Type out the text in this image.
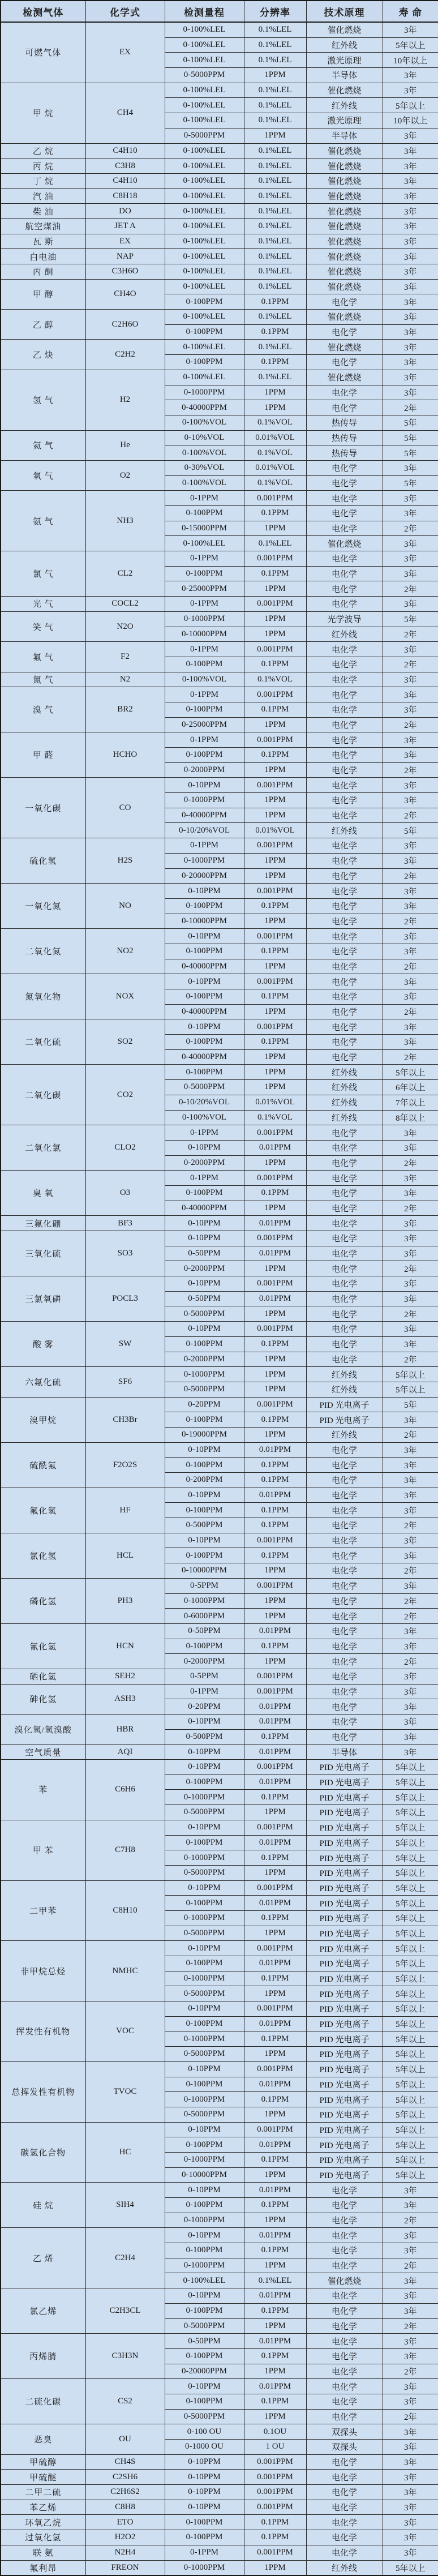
检测气体	化学式	检测量程	分辨率	技术原理	寿 命
可燃气体	EX	0-100%LEL	0.1%LEL	催化燃烧	3年
		0-100%LEL	0.1%LEL	红外线	5年以上
		0-100%LEL	0.1%LEL	激光原理	10年以上
		0-5000PPM	1PPM	半导体	3年
甲 烷	CH4	0-100%LEL	0.1%LEL	催化燃烧	3年
		0-100%LEL	0.1%LEL	红外线	5年以上
		0-100%LEL	0.1%LEL	激光原理	10年以上
		0-5000PPM	1PPM	半导体	3年
乙 烷	C4H10	0-100%LEL	0.1%LEL	催化燃烧	3年
丙 烷	C3H8	0-100%LEL	0.1%LEL	催化燃烧	3年
丁 烷	C4H10	0-100%LEL	0.1%LEL	催化燃烧	3年
汽 油	C8H18	0-100%LEL	0.1%LEL	催化燃烧	3年
柴 油	DO	0-100%LEL	0.1%LEL	催化燃烧	3年
航空煤油	JET A	0-100%LEL	0.1%LEL	催化燃烧	3年
瓦 斯	EX	0-100%LEL	0.1%LEL	催化燃烧	3年
白电油	NAP	0-100%LEL	0.1%LEL	催化燃烧	3年
丙 酮	C3H6O	0-100%LEL	0.1%LEL	催化燃烧	3年
甲 醇	CH4O	0-100%LEL	0.1%LEL	催化燃烧	3年
		0-100PPM	0.1PPM	电化学	3年
乙 醇	C2H6O	0-100%LEL	0.1%LEL	催化燃烧	3年
		0-100PPM	0.1PPM	电化学	3年
乙 炔	C2H2	0-100%LEL	0.1%LEL	催化燃烧	3年
		0-100PPM	0.1PPM	电化学	3年
氢 气	H2	0-100%LEL	0.1%LEL	催化燃烧	3年
		0-1000PPM	1PPM	电化学	3年
		0-40000PPM	1PPM	电化学	2年
		0-100%VOL	0.1%VOL	热传导	5年
氦 气	He	0-10%VOL	0.01%VOL	热传导	5年
		0-100%VOL	0.1%VOL	热传导	5年
氧 气	O2	0-30%VOL	0.01%VOL	电化学	3年
		0-100%VOL	0.1%VOL	电化学	5年
氨 气	NH3	0-1PPM	0.001PPM	电化学	3年
		0-100PPM	0.1PPM	电化学	3年
		0-15000PPM	1PPM	电化学	2年
		0-100%LEL	0.1%LEL	催化燃烧	3年
氯 气	CL2	0-1PPM	0.001PPM	电化学	3年
		0-100PPM	0.1PPM	电化学	3年
		0-25000PPM	1PPM	电化学	2年
光 气	COCL2	0-1PPM	0.001PPM	电化学	3年
笑 气	N2O	0-1000PPM	1PPM	光学波导	5年
		0-10000PPM	1PPM	红外线	2年
氟 气	F2	0-1PPM	0.001PPM	电化学	3年
		0-100PPM	0.1PPM	电化学	2年
氮 气	N2	0-100%VOL	0.1%VOL	电化学	3年
溴 气	BR2	0-1PPM	0.001PPM	电化学	3年
		0-100PPM	0.1PPM	电化学	3年
		0-25000PPM	1PPM	电化学	2年
甲 醛	HCHO	0-1PPM	0.001PPM	电化学	3年
		0-100PPM	0.1PPM	电化学	3年
		0-2000PPM	1PPM	电化学	2年
一氧化碳	CO	0-10PPM	0.001PPM	电化学	3年
		0-1000PPM	1PPM	电化学	3年
		0-40000PPM	1PPM	电化学	2年
		0-10/20%VOL	0.01%VOL	红外线	5年
硫化氢	H2S	0-1PPM	0.001PPM	电化学	3年
		0-1000PPM	1PPM	电化学	3年
		0-20000PPM	1PPM	电化学	2年
一氧化氮	NO	0-10PPM	0.001PPM	电化学	3年
		0-100PPM	0.1PPM	电化学	3年
		0-10000PPM	1PPM	电化学	2年
二氧化氮	NO2	0-10PPM	0.001PPM	电化学	3年
		0-100PPM	0.1PPM	电化学	3年
		0-40000PPM	1PPM	电化学	2年
氮氧化物	NOX	0-10PPM	0.001PPM	电化学	3年
		0-100PPM	0.1PPM	电化学	3年
		0-40000PPM	1PPM	电化学	2年
二氧化硫	SO2	0-10PPM	0.001PPM	电化学	3年
		0-100PPM	0.1PPM	电化学	3年
		0-40000PPM	1PPM	电化学	2年
二氧化碳	CO2	0-100PPM	1PPM	红外线	5年以上
		0-5000PPM	1PPM	红外线	6年以上
		0-10/20%VOL	0.01%VOL	红外线	7年以上
		0-100%VOL	0.1%VOL	红外线	8年以上
二氧化氯	CLO2	0-1PPM	0.001PPM	电化学	3年
		0-10PPM	0.01PPM	电化学	3年
		0-2000PPM	1PPM	电化学	2年
臭 氧	O3	0-1PPM	0.001PPM	电化学	3年
		0-100PPM	0.1PPM	电化学	3年
		0-40000PPM	1PPM	电化学	2年
三氟化硼	BF3	0-10PPM	0.01PPM	电化学	3年
三氧化硫	SO3	0-10PPM	0.001PPM	电化学	3年
		0-50PPM	0.01PPM	电化学	3年
		0-2000PPM	1PPM	电化学	2年
三氯氧磷	POCL3	0-10PPM	0.001PPM	电化学	3年
		0-50PPM	0.01PPM	电化学	3年
		0-5000PPM	1PPM	电化学	2年
酸 雾	SW	0-10PPM	0.001PPM	电化学	3年
		0-100PPM	0.1PPM	电化学	3年
		0-2000PPM	1PPM	电化学	2年
六氟化硫	SF6	0-1000PPM	1PPM	红外线	5年以上
		0-5000PPM	1PPM	红外线	5年以上
溴甲烷	CH3Br	0-20PPM	0.001PPM	PID 光电离子	5年
		0-100PPM	0.1PPM	PID 光电离子	3年
		0-19000PPM	1PPM	红外线	2年
硫酰氟	F2O2S	0-10PPM	0.01PPM	电化学	3年
		0-100PPM	0.1PPM	电化学	3年
		0-200PPM	0.1PPM	电化学	3年
氟化氢	HF	0-10PPM	0.01PPM	电化学	3年
		0-100PPM	0.1PPM	电化学	3年
		0-500PPM	0.1PPM	电化学	2年
氯化氢	HCL	0-10PPM	0.001PPM	电化学	3年
		0-100PPM	0.1PPM	电化学	3年
		0-10000PPM	1PPM	电化学	2年
磷化氢	PH3	0-5PPM	0.001PPM	电化学	3年
		0-1000PPM	1PPM	电化学	2年
		0-6000PPM	1PPM	电化学	2年
氰化氢	HCN	0-50PPM	0.01PPM	电化学	3年
		0-100PPM	0.1PPM	电化学	3年
		0-2000PPM	1PPM	电化学	2年
硒化氢	SEH2	0-5PPM	0.001PPM	电化学	3年
砷化氢	ASH3	0-1PPM	0.001PPM	电化学	3年
		0-20PPM	0.01PPM	电化学	3年
溴化氢/氢溴酸	HBR	0-10PPM	0.01PPM	电化学	3年
		0-500PPM	0.1PPM	电化学	3年
空气质量	AQI	0-10PPM	0.01PPM	半导体	3年
苯	C6H6	0-10PPM	0.001PPM	PID 光电离子	5年以上
		0-100PPM	0.01PPM	PID 光电离子	5年以上
		0-1000PPM	0.1PPM	PID 光电离子	5年以上
		0-5000PPM	1PPM	PID 光电离子	5年以上
甲 苯	C7H8	0-10PPM	0.001PPM	PID 光电离子	5年以上
		0-100PPM	0.01PPM	PID 光电离子	5年以上
		0-1000PPM	0.1PPM	PID 光电离子	5年以上
		0-5000PPM	1PPM	PID 光电离子	5年以上
二甲苯	C8H10	0-10PPM	0.001PPM	PID 光电离子	5年以上
		0-100PPM	0.01PPM	PID 光电离子	5年以上
		0-1000PPM	0.1PPM	PID 光电离子	5年以上
		0-5000PPM	1PPM	PID 光电离子	5年以上
非甲烷总烃	NMHC	0-10PPM	0.001PPM	PID 光电离子	5年以上
		0-100PPM	0.01PPM	PID 光电离子	5年以上
		0-1000PPM	0.1PPM	PID 光电离子	5年以上
		0-5000PPM	1PPM	PID 光电离子	5年以上
挥发性有机物	VOC	0-10PPM	0.001PPM	PID 光电离子	5年以上
		0-100PPM	0.01PPM	PID 光电离子	5年以上
		0-1000PPM	0.1PPM	PID 光电离子	5年以上
		0-5000PPM	1PPM	PID 光电离子	5年以上
总挥发性有机物	TVOC	0-10PPM	0.001PPM	PID 光电离子	5年以上
		0-100PPM	0.01PPM	PID 光电离子	5年以上
		0-1000PPM	0.1PPM	PID 光电离子	5年以上
		0-5000PPM	1PPM	PID 光电离子	5年以上
碳氢化合物	HC	0-10PPM	0.001PPM	PID 光电离子	5年以上
		0-100PPM	0.01PPM	PID 光电离子	5年以上
		0-1000PPM	0.1PPM	PID 光电离子	5年以上
		0-10000PPM	1PPM	PID 光电离子	5年以上
硅 烷	SIH4	0-10PPM	0.01PPM	电化学	3年
		0-100PPM	0.1PPM	电化学	3年
		0-1000PPM	1PPM	电化学	2年
乙 烯	C2H4	0-10PPM	0.01PPM	电化学	3年
		0-100PPM	0.1PPM	电化学	3年
		0-1000PPM	1PPM	电化学	2年
		0-100%LEL	0.1%LEL	催化燃烧	3年
氯乙烯	C2H3CL	0-10PPM	0.01PPM	电化学	3年
		0-100PPM	0.1PPM	电化学	3年
		0-5000PPM	1PPM	电化学	2年
丙烯腈	C3H3N	0-50PPM	0.01PPM	电化学	3年
		0-100PPM	0.1PPM	电化学	3年
		0-20000PPM	1PPM	电化学	2年
二硫化碳	CS2	0-10PPM	0.01PPM	电化学	3年
		0-100PPM	0.1PPM	电化学	3年
		0-5000PPM	1PPM	电化学	2年
恶臭	OU	0-100 OU	0.1OU	双探头	3年
		0-1000 OU	1 OU	双探头	3年
甲硫醇	CH4S	0-10PPM	0.001PPM	电化学	3年
甲硫醚	C2SH6	0-10PPM	0.001PPM	电化学	3年
二甲二硫	C2H6S2	0-10PPM	0.001PPM	电化学	3年
苯乙烯	C8H8	0-10PPM	0.001PPM	电化学	3年
环氧乙烷	ETO	0-100PPM	0.1PPM	电化学	3年
过氧化氢	H2O2	0-100PPM	0.1PPM	电化学	3年
联 氨	N2H4	0-1PPM	0.001PPM	电化学	3年
氟利昂	FREON	0-1000PPM	1PPM	红外线	5年以上
